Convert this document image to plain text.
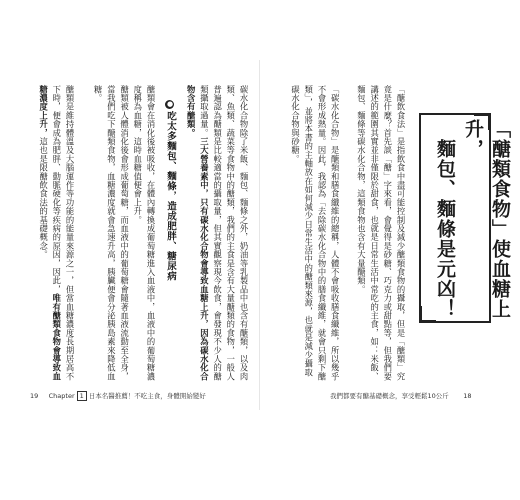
「醣類食物」使血糖上升，
麵包、麵條是元凶！

「醣飲食法」是指飲食中盡可能控制及減少醣類食物的攝取，但是「醣類」究竟是什麼？首先談「醣」字來看，會覺得是砂糖、巧克力或甜點等，但我們要講述的範圍其實並非僅限於甜食，也就是日常生活中常吃的主食，如：米飯、麵包、麵條等碳水化合物，這類食物也含有大量醣類。

「碳水化合物」是醣類和膳食纖維的總稱，人體不會吸收膳食纖維，所以幾乎不會形成熱量。因此，我認為「去除碳水化合物中的膳食纖維，就會只剩下醣類」，並將本書的主軸放在如何減少日常生活中的醣類來源，也就是減少攝取碳水化合物與砂糖。

碳水化合物除了米飯、麵包、麵條之外，奶油等乳製品中也含有醣類，以及肉類、魚類、蔬菜等食物中的醣類，我們的主食是含有大量醣類的食物，一般人普遍認為醣類是比較適當的攝取量，但其實觀察現今飲食，會發現不少人的醣類攝取過量。三大營養素中，只有碳水化合物會導致血糖上升，因為碳水化合物含有醣類。
●吃太多麵包、麵條，造成肥胖、糖尿病

醣類會在消化後被吸收，在體內轉換成葡萄糖進入血液中，血液中的葡萄糖濃度稱為血糖，這時血糖值便會上升。

醣類被人體消化後會形成葡萄糖，而血液中的葡萄糖會隨著血液流動至全身，當我們吃下醣類食物，血糖濃度就會急速升高，胰臟便會分泌胰島素來降低血糖。

醣類是維持體溫及大腦運作等功能的能量來源之一，但當血糖濃度長期居高不下時，便會成為肥胖、動脈硬化等疾病的原因，因此，唯有醣類食物會導致血糖濃度上升，這也是限醣飲食法的基礎概念。
19 Chapter 1 日本名醫推薦！不吃主食，身體開始變好	我們都要有醣基礎概念，享受輕鬆10公斤 18
